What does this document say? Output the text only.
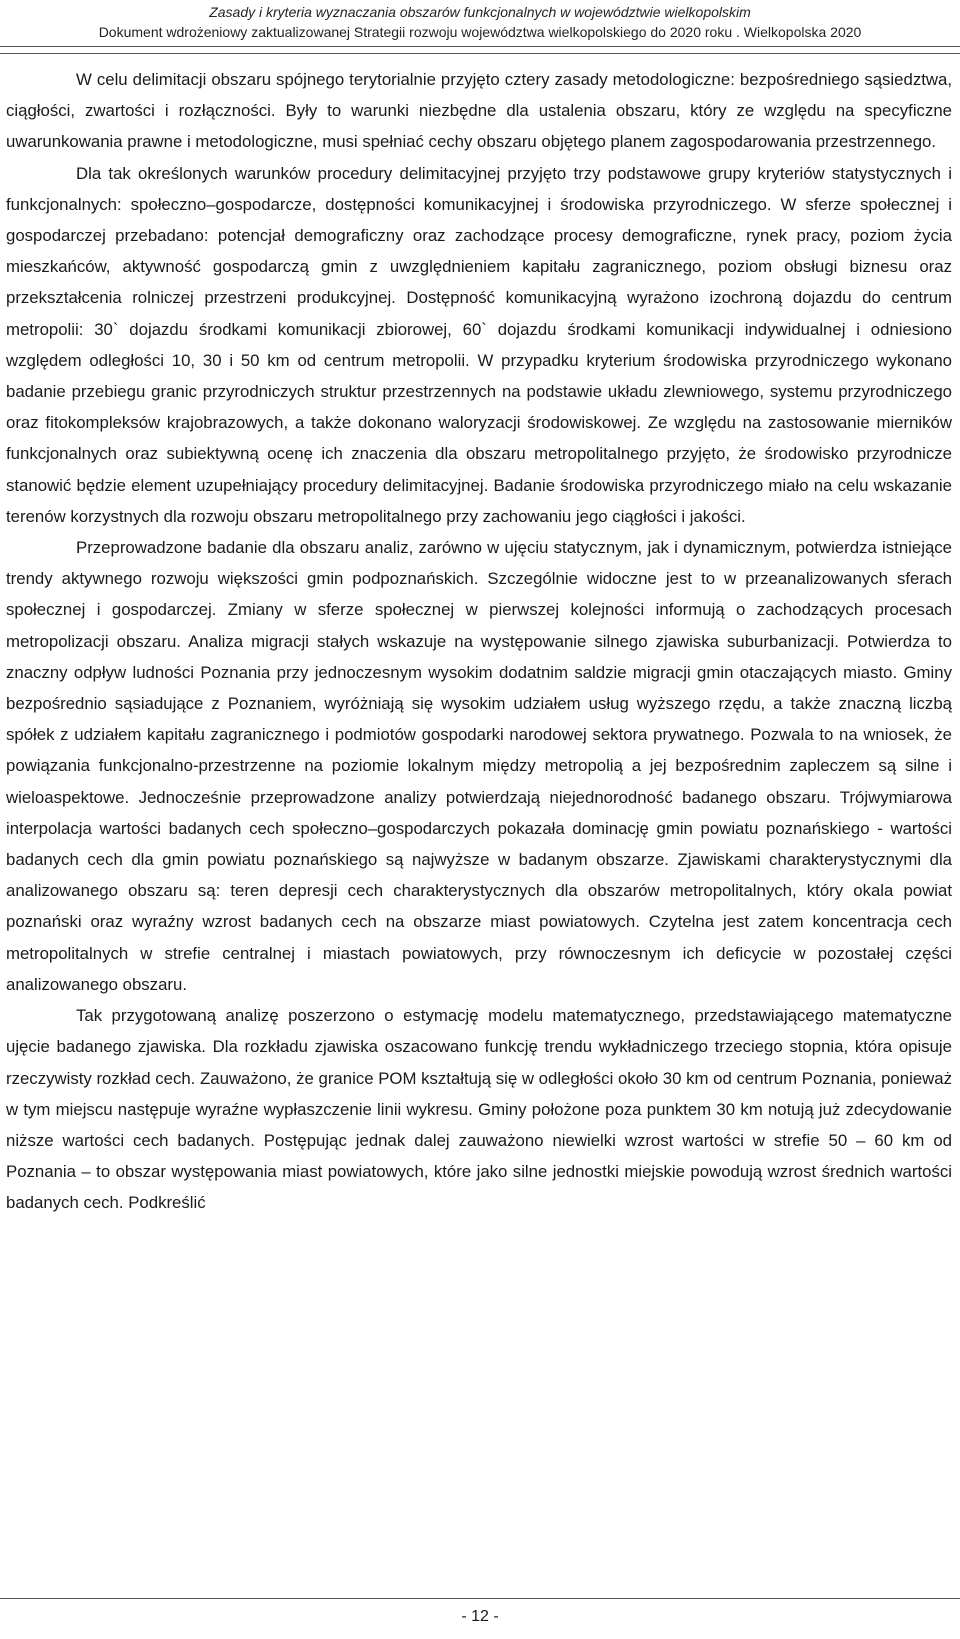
Zasady i kryteria wyznaczania obszarów funkcjonalnych w województwie wielkopolskim
Dokument wdrożeniowy zaktualizowanej Strategii rozwoju województwa wielkopolskiego do 2020 roku . Wielkopolska 2020

W celu delimitacji obszaru spójnego terytorialnie przyjęto cztery zasady metodologiczne: bezpośredniego sąsiedztwa, ciągłości, zwartości i rozłączności. Były to warunki niezbędne dla ustalenia obszaru, który ze względu na specyficzne uwarunkowania prawne i metodologiczne, musi spełniać cechy obszaru objętego planem zagospodarowania przestrzennego.

Dla tak określonych warunków procedury delimitacyjnej przyjęto trzy podstawowe grupy kryteriów statystycznych i funkcjonalnych: społeczno–gospodarcze, dostępności komunikacyjnej i środowiska przyrodniczego. W sferze społecznej i gospodarczej przebadano: potencjał demograficzny oraz zachodzące procesy demograficzne, rynek pracy, poziom życia mieszkańców, aktywność gospodarczą gmin z uwzględnieniem kapitału zagranicznego, poziom obsługi biznesu oraz przekształcenia rolniczej przestrzeni produkcyjnej. Dostępność komunikacyjną wyrażono izochroną dojazdu do centrum metropolii: 30` dojazdu środkami komunikacji zbiorowej, 60` dojazdu środkami komunikacji indywidualnej i odniesiono względem odległości 10, 30 i 50 km od centrum metropolii. W przypadku kryterium środowiska przyrodniczego wykonano badanie przebiegu granic przyrodniczych struktur przestrzennych na podstawie układu zlewniowego, systemu przyrodniczego oraz fitokompleksów krajobrazowych, a także dokonano waloryzacji środowiskowej. Ze względu na zastosowanie mierników funkcjonalnych oraz subiektywną ocenę ich znaczenia dla obszaru metropolitalnego przyjęto, że środowisko przyrodnicze stanowić będzie element uzupełniający procedury delimitacyjnej. Badanie środowiska przyrodniczego miało na celu wskazanie terenów korzystnych dla rozwoju obszaru metropolitalnego przy zachowaniu jego ciągłości i jakości.

Przeprowadzone badanie dla obszaru analiz, zarówno w ujęciu statycznym, jak i dynamicznym, potwierdza istniejące trendy aktywnego rozwoju większości gmin podpoznańskich. Szczególnie widoczne jest to w przeanalizowanych sferach społecznej i gospodarczej. Zmiany w sferze społecznej w pierwszej kolejności informują o zachodzących procesach metropolizacji obszaru. Analiza migracji stałych wskazuje na występowanie silnego zjawiska suburbanizacji. Potwierdza to znaczny odpływ ludności Poznania przy jednoczesnym wysokim dodatnim saldzie migracji gmin otaczających miasto. Gminy bezpośrednio sąsiadujące z Poznaniem, wyróżniają się wysokim udziałem usług wyższego rzędu, a także znaczną liczbą spółek z udziałem kapitału zagranicznego i podmiotów gospodarki narodowej sektora prywatnego. Pozwala to na wniosek, że powiązania funkcjonalno-przestrzenne na poziomie lokalnym między metropolią a jej bezpośrednim zapleczem są silne i wieloaspektowe. Jednocześnie przeprowadzone analizy potwierdzają niejednorodność badanego obszaru. Trójwymiarowa interpolacja wartości badanych cech społeczno–gospodarczych pokazała dominację gmin powiatu poznańskiego - wartości badanych cech dla gmin powiatu poznańskiego są najwyższe w badanym obszarze. Zjawiskami charakterystycznymi dla analizowanego obszaru są: teren depresji cech charakterystycznych dla obszarów metropolitalnych, który okala powiat poznański oraz wyraźny wzrost badanych cech na obszarze miast powiatowych. Czytelna jest zatem koncentracja cech metropolitalnych w strefie centralnej i miastach powiatowych, przy równoczesnym ich deficycie w pozostałej części analizowanego obszaru.

Tak przygotowaną analizę poszerzono o estymację modelu matematycznego, przedstawiającego matematyczne ujęcie badanego zjawiska. Dla rozkładu zjawiska oszacowano funkcję trendu wykładniczego trzeciego stopnia, która opisuje rzeczywisty rozkład cech. Zauważono, że granice POM kształtują się w odległości około 30 km od centrum Poznania, ponieważ w tym miejscu następuje wyraźne wypłaszczenie linii wykresu. Gminy położone poza punktem 30 km notują już zdecydowanie niższe wartości cech badanych. Postępując jednak dalej zauważono niewielki wzrost wartości w strefie 50 – 60 km od Poznania – to obszar występowania miast powiatowych, które jako silne jednostki miejskie powodują wzrost średnich wartości badanych cech. Podkreślić

- 12 -
